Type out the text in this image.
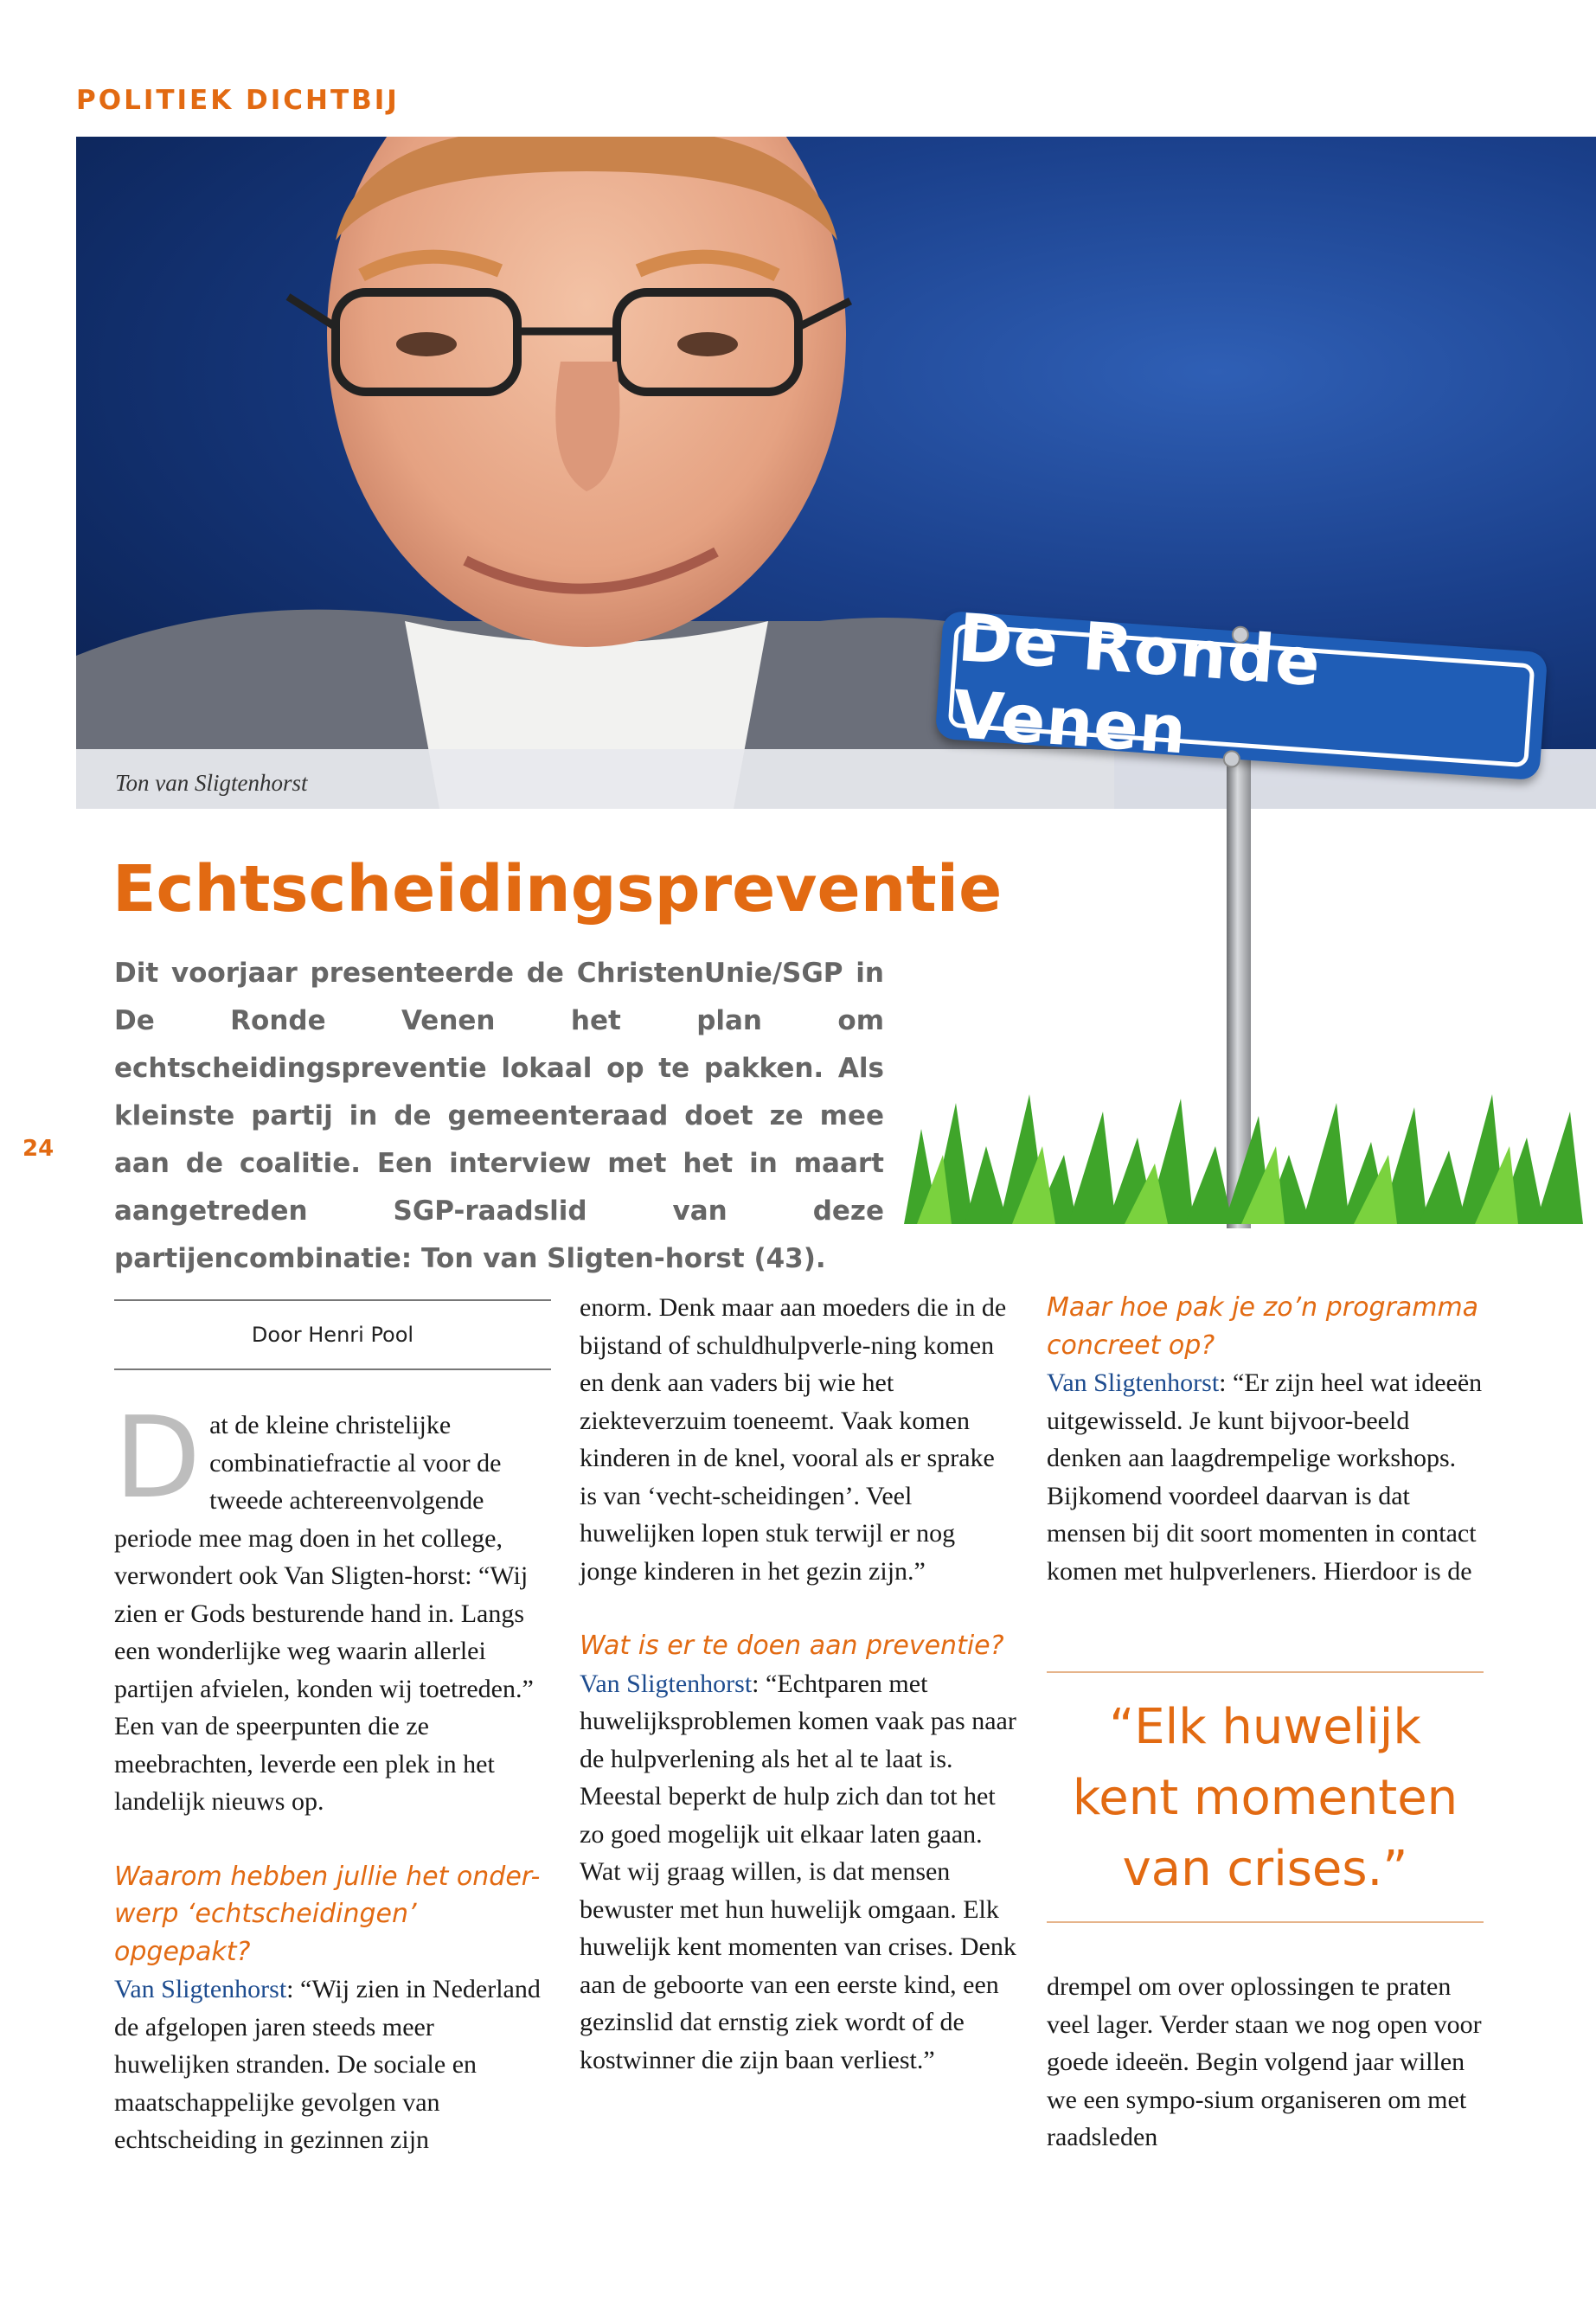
POLITIEK DICHTBIJ
Ton van Sligtenhorst
De Ronde Venen
Echtscheidingspreventie
Dit voorjaar presenteerde de ChristenUnie/SGP in De Ronde Venen het plan om echtscheidingspreventie lokaal op te pakken. Als kleinste partij in de gemeenteraad doet ze mee aan de coalitie. Een interview met het in maart aangetreden SGP-raadslid van deze partijencombinatie: Ton van Sligten-horst (43).
24
Door Henri Pool
D at de kleine christelijke combinatiefractie al voor de tweede achtereenvolgende periode mee mag doen in het college, verwondert ook Van Sligten-horst: “Wij zien er Gods besturende hand in. Langs een wonderlijke weg waarin allerlei partijen afvielen, konden wij toetreden.” Een van de speerpunten die ze meebrachten, leverde een plek in het landelijk nieuws op.

Waarom hebben jullie het onder-werp ‘echtscheidingen’ opgepakt?

Van Sligtenhorst: “Wij zien in Nederland de afgelopen jaren steeds meer huwelijken stranden. De sociale en maatschappelijke gevolgen van echtscheiding in gezinnen zijn

enorm. Denk maar aan moeders die in de bijstand of schuldhulpverle-ning komen en denk aan vaders bij wie het ziekteverzuim toeneemt. Vaak komen kinderen in de knel, vooral als er sprake is van ‘vecht-scheidingen’. Veel huwelijken lopen stuk terwijl er nog jonge kinderen in het gezin zijn.”

Wat is er te doen aan preventie?

Van Sligtenhorst: “Echtparen met huwelijksproblemen komen vaak pas naar de hulpverlening als het al te laat is. Meestal beperkt de hulp zich dan tot het zo goed mogelijk uit elkaar laten gaan. Wat wij graag willen, is dat mensen bewuster met hun huwelijk omgaan. Elk huwelijk kent momenten van crises. Denk aan de geboorte van een eerste kind, een gezinslid dat ernstig ziek wordt of de kostwinner die zijn baan verliest.”

Maar hoe pak je zo’n programma concreet op?

Van Sligtenhorst: “Er zijn heel wat ideeën uitgewisseld. Je kunt bijvoor-beeld denken aan laagdrempelige workshops. Bijkomend voordeel daarvan is dat mensen bij dit soort momenten in contact komen met hulpverleners. Hierdoor is de

“Elk huwelijk
kent momenten
van crises.”

drempel om over oplossingen te praten veel lager. Verder staan we nog open voor goede ideeën. Begin volgend jaar willen we een sympo-sium organiseren om met raadsleden
